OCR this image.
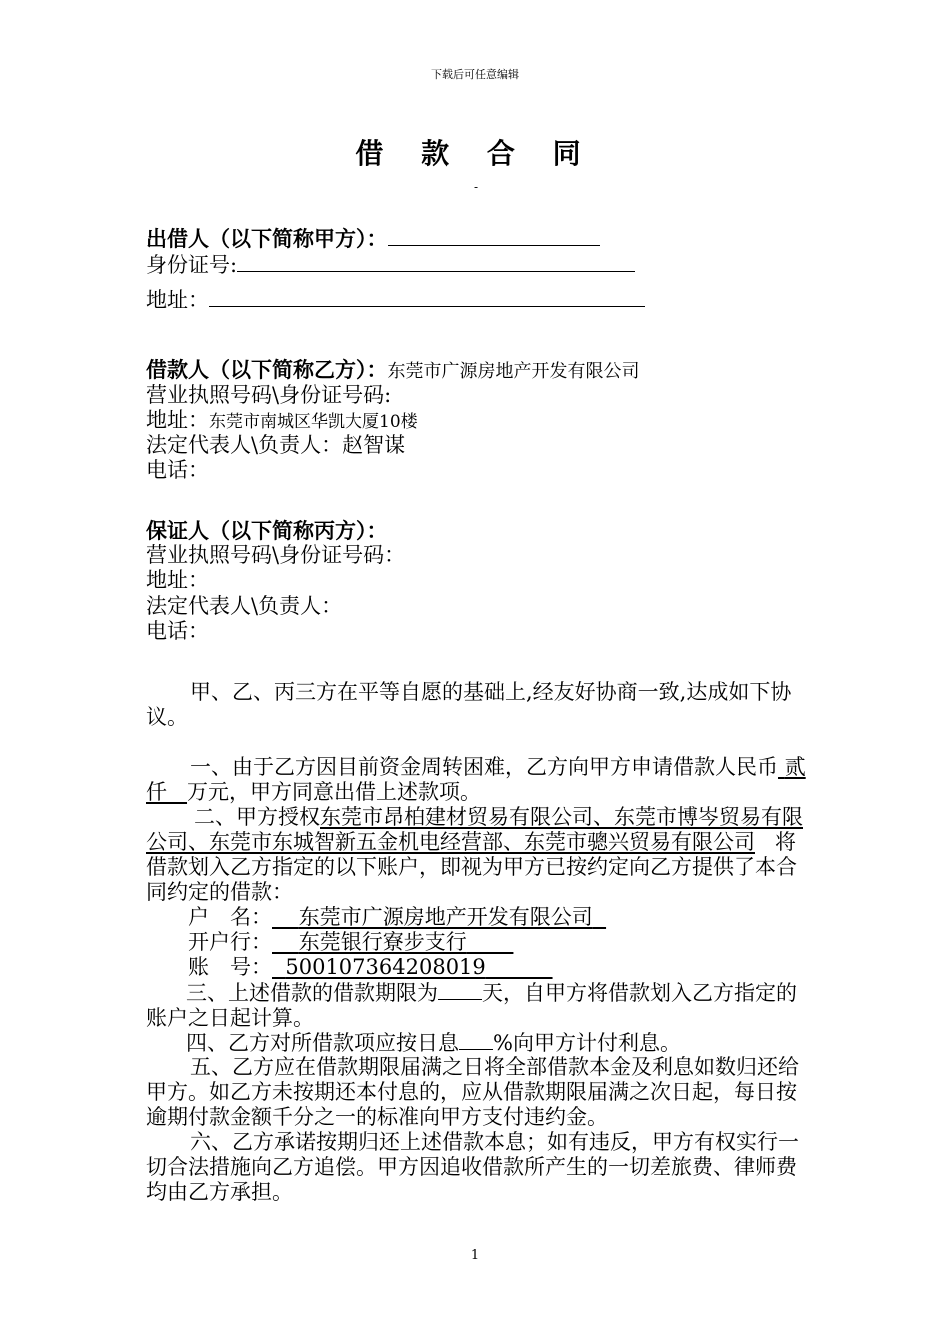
下载后可任意编辑
借 款 合 同
-
出借人（以下简称甲方）：
身份证号:
地址：
借款人（以下简称乙方）：东莞市广源房地产开发有限公司
营业执照号码\身份证号码:
地址：东莞市南城区华凯大厦10楼
法定代表人\负责人：赵智谋
电话：
保证人（以下简称丙方）：
营业执照号码\身份证号码：
地址：
法定代表人\负责人：
电话：
甲、乙、丙三方在平等自愿的基础上,经友好协商一致,达成如下协议。
一、由于乙方因目前资金周转困难，乙方向甲方申请借款人民币 贰仟 万元，甲方同意出借上述款项。
二、甲方授权东莞市昂柏建材贸易有限公司、东莞市博岑贸易有限公司、东莞市东城智新五金机电经营部、东莞市骢兴贸易有限公司 将借款划入乙方指定的以下账户，即视为甲方已按约定向乙方提供了本合同约定的借款：
户　名： 东莞市广源房地产开发有限公司
开户行： 东莞银行寮步支行
账　号： 500107364208019
三、上述借款的借款期限为 天，自甲方将借款划入乙方指定的账户之日起计算。
四、乙方对所借款项应按日息 %向甲方计付利息。
五、乙方应在借款期限届满之日将全部借款本金及利息如数归还给甲方。如乙方未按期还本付息的，应从借款期限届满之次日起，每日按逾期付款金额千分之一的标准向甲方支付违约金。
六、乙方承诺按期归还上述借款本息；如有违反，甲方有权实行一切合法措施向乙方追偿。甲方因追收借款所产生的一切差旅费、律师费均由乙方承担。
1
